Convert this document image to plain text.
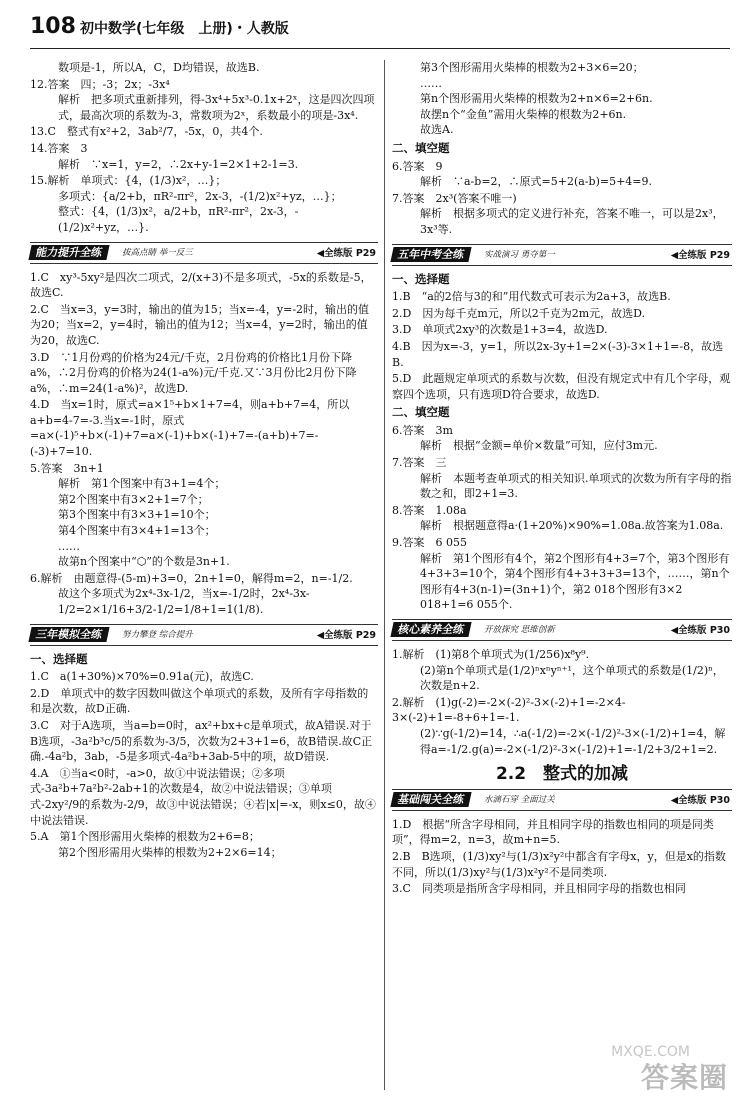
108 初中数学(七年级　上册)・人教版

数项是-1，所以A，C，D均错误，故选B.

12.答案　四；-3；2x；-3x⁴

解析　把多项式重新排列，得-3x⁴+5x³-0.1x+2ˣ，这是四次四项式，最高次项的系数为-3，常数项为2ˣ，系数最小的项是-3x⁴.

13.C　整式有x²+2，3ab²/7，-5x，0，共4个.

14.答案　3

解析　∵x=1，y=2，∴2x+y-1=2×1+2-1=3.

15.解析　单项式：{4，(1/3)x²，…}；

多项式：{a/2+b，πR²-πr²，2x-3，-(1/2)x²+yz，…}；

整式：{4，(1/3)x²，a/2+b，πR²-πr²，2x-3，-(1/2)x²+yz，…}.

能力提升全练	拔高点睛 举一反三	◀全练版 P29

1.C　xy³-5xy²是四次二项式，2/(x+3)不是多项式，-5x的系数是-5，故选C.

2.C　当x=3，y=3时，输出的值为15；当x=-4，y=-2时，输出的值为20；当x=2，y=4时，输出的值为12；当x=4，y=2时，输出的值为20，故选C.

3.D　∵1月份鸡的价格为24元/千克，2月份鸡的价格比1月份下降a%，∴2月份鸡的价格为24(1-a%)元/千克.又∵3月份比2月份下降a%，∴m=24(1-a%)²，故选D.

4.D　当x=1时，原式=a×1⁵+b×1+7=4，则a+b+7=4，所以a+b=4-7=-3.当x=-1时，原式=a×(-1)⁵+b×(-1)+7=a×(-1)+b×(-1)+7=-(a+b)+7=-(-3)+7=10.

5.答案　3n+1

解析　第1个图案中有3+1=4个；

第2个图案中有3×2+1=7个；

第3个图案中有3×3+1=10个；

第4个图案中有3×4+1=13个；

……

故第n个图案中“⬡”的个数是3n+1.

6.解析　由题意得-(5-m)+3=0，2n+1=0，解得m=2，n=-1/2.

故这个多项式为2x⁴-3x-1/2，当x=-1/2时，2x⁴-3x-1/2=2×1/16+3/2-1/2=1/8+1=1(1/8).

三年模拟全练	努力攀登 综合提升	◀全练版 P29

一、选择题

1.C　a(1+30%)×70%=0.91a(元)，故选C.

2.D　单项式中的数字因数叫做这个单项式的系数，及所有字母指数的和是次数，故D正确.

3.C　对于A选项，当a=b=0时，ax²+bx+c是单项式，故A错误.对于B选项，-3a²b³c/5的系数为-3/5，次数为2+3+1=6，故B错误.故C正确.-4a²b，3ab，-5是多项式-4a²b+3ab-5中的项，故D错误.

4.A　①当a<0时，-a>0，故①中说法错误；②多项式-3a²b+7a²b²-2ab+1的次数是4，故②中说法错误；③单项式-2xy²/9的系数为-2/9，故③中说法错误；④若|x|=-x，则x≤0，故④中说法错误.

5.A　第1个图形需用火柴棒的根数为2+6=8；

第2个图形需用火柴棒的根数为2+2×6=14；

第3个图形需用火柴棒的根数为2+3×6=20；

……

第n个图形需用火柴棒的根数为2+n×6=2+6n.

故摆n个“金鱼”需用火柴棒的根数为2+6n.

故选A.

二、填空题

6.答案　9

解析　∵a-b=2，∴原式=5+2(a-b)=5+4=9.

7.答案　2x³(答案不唯一)

解析　根据多项式的定义进行补充，答案不唯一，可以是2x³，3x³等.

五年中考全练	实战演习 勇夺第一	◀全练版 P29

一、选择题

1.B　“a的2倍与3的和”用代数式可表示为2a+3，故选B.

2.D　因为每千克m元，所以2千克为2m元，故选D.

3.D　单项式2xy³的次数是1+3=4，故选D.

4.B　因为x=-3，y=1，所以2x-3y+1=2×(-3)-3×1+1=-8，故选B.

5.D　此题规定单项式的系数与次数，但没有规定式中有几个字母，观察四个选项，只有选项D符合要求，故选D.

二、填空题

6.答案　3m

解析　根据“金额=单价×数量”可知，应付3m元.

7.答案　三

解析　本题考查单项式的相关知识.单项式的次数为所有字母的指数之和，即2+1=3.

8.答案　1.08a

解析　根据题意得a·(1+20%)×90%=1.08a.故答案为1.08a.

9.答案　6 055

解析　第1个图形有4个，第2个图形有4+3=7个，第3个图形有4+3+3=10个，第4个图形有4+3+3+3=13个，……，第n个图形有4+3(n-1)=(3n+1)个，第2 018个图形有3×2 018+1=6 055个.

核心素养全练	开放探究 思维创新	◀全练版 P30

1.解析　(1)第8个单项式为(1/256)x⁸y⁹.

(2)第n个单项式是(1/2)ⁿxⁿyⁿ⁺¹，这个单项式的系数是(1/2)ⁿ，次数是n+2.

2.解析　(1)g(-2)=-2×(-2)²-3×(-2)+1=-2×4-3×(-2)+1=-8+6+1=-1.

(2)∵g(-1/2)=14，∴a(-1/2)=-2×(-1/2)²-3×(-1/2)+1=4，解得a=-1/2.g(a)=-2×(-1/2)²-3×(-1/2)+1=-1/2+3/2+1=2.

2.2　整式的加减
基础闯关全练	水滴石穿 全面过关	◀全练版 P30

1.D　根据“所含字母相同，并且相同字母的指数也相同的项是同类项”，得m=2，n=3，故m+n=5.

2.B　B选项，(1/3)xy²与(1/3)x²y²中都含有字母x，y，但是x的指数不同，所以(1/3)xy²与(1/3)x²y²不是同类项.

3.C　同类项是指所含字母相同，并且相同字母的指数也相同

MXQE.COM
答案圈
